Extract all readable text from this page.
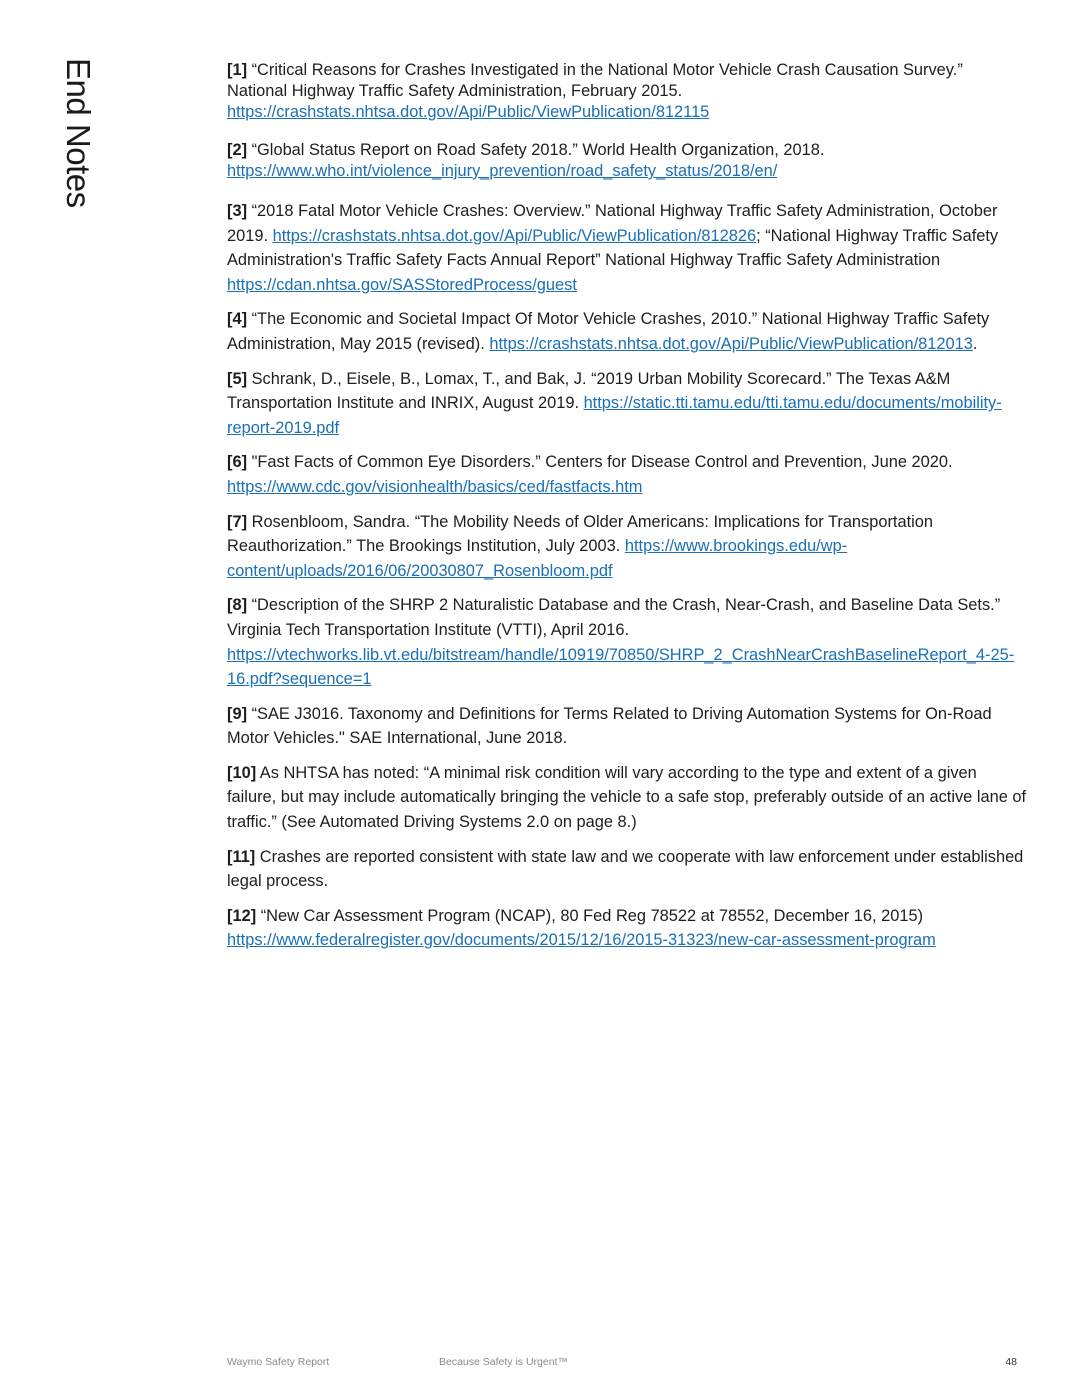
End Notes	[1] “Critical Reasons for Crashes Investigated in the National Motor Vehicle Crash Causation Survey.” National Highway Traffic Safety Administration, February 2015. https://crashstats.nhtsa.dot.gov/Api/Public/ViewPublication/812115

[2] “Global Status Report on Road Safety 2018.” World Health Organization, 2018. https://www.who.int/violence_injury_prevention/road_safety_status/2018/en/

[3] “2018 Fatal Motor Vehicle Crashes: Overview.” National Highway Traffic Safety Administration, October 2019. https://crashstats.nhtsa.dot.gov/Api/Public/ViewPublication/812826; “National Highway Traffic Safety Administration's Traffic Safety Facts Annual Report” National Highway Traffic Safety Administration https://cdan.nhtsa.gov/SASStoredProcess/guest

[4] “The Economic and Societal Impact Of Motor Vehicle Crashes, 2010.” National Highway Traffic Safety Administration, May 2015 (revised). https://crashstats.nhtsa.dot.gov/Api/Public/ViewPublication/812013.

[5] Schrank, D., Eisele, B., Lomax, T., and Bak, J. “2019 Urban Mobility Scorecard.” The Texas A&M Transportation Institute and INRIX, August 2019. https://static.tti.tamu.edu/tti.tamu.edu/documents/mobility-report-2019.pdf

[6] "Fast Facts of Common Eye Disorders.” Centers for Disease Control and Prevention, June 2020. https://www.cdc.gov/visionhealth/basics/ced/fastfacts.htm

[7] Rosenbloom, Sandra. “The Mobility Needs of Older Americans: Implications for Transportation Reauthorization.” The Brookings Institution, July 2003. https://www.brookings.edu/wp-content/uploads/2016/06/20030807_Rosenbloom.pdf

[8] “Description of the SHRP 2 Naturalistic Database and the Crash, Near-Crash, and Baseline Data Sets.” Virginia Tech Transportation Institute (VTTI), April 2016. https://vtechworks.lib.vt.edu/bitstream/handle/10919/70850/SHRP_2_CrashNearCrashBaselineReport_4-25-16.pdf?sequence=1

[9] “SAE J3016. Taxonomy and Definitions for Terms Related to Driving Automation Systems for On-Road Motor Vehicles." SAE International, June 2018.

[10] As NHTSA has noted: “A minimal risk condition will vary according to the type and extent of a given failure, but may include automatically bringing the vehicle to a safe stop, preferably outside of an active lane of traffic.” (See Automated Driving Systems 2.0 on page 8.)

[11] Crashes are reported consistent with state law and we cooperate with law enforcement under established legal process.

[12] “New Car Assessment Program (NCAP), 80 Fed Reg 78522 at 78552, December 16, 2015) https://www.federalregister.gov/documents/2015/12/16/2015-31323/new-car-assessment-program

Waymo Safety Report	Because Safety is Urgent™	48
